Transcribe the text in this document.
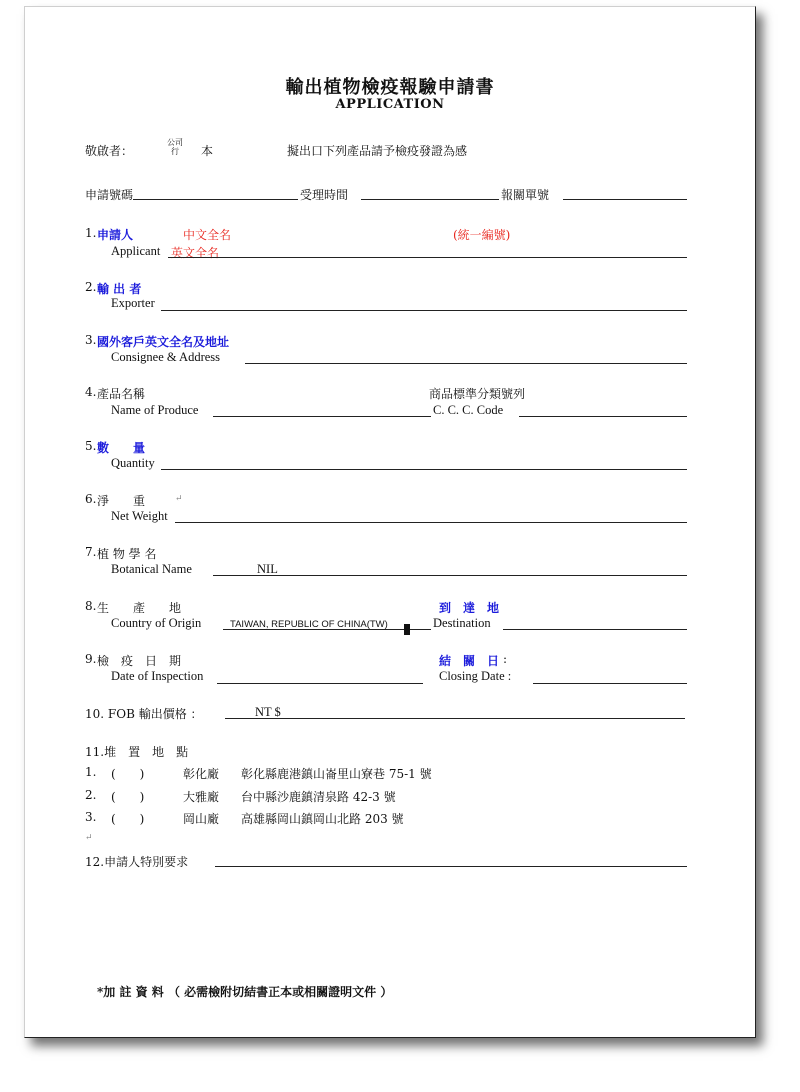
輸出植物檢疫報驗申請書
APPLICATION
敬啟者：
公司
行	本	擬出口下列產品請予檢疫發證為感
申請號碼	受理時間	報關單號
1. 申請人	中文全名	(統一編號)
Applicant 英文全名
2. 輸 出 者
Exporter
3. 國外客戶英文全名及地址
Consignee & Address
4. 產品名稱	商品標準分類號列
Name of Produce	C. C. C. Code
5. 數　　量
Quantity
6. 淨　　重	↵
Net Weight
7. 植 物 學 名
Botanical Name	NIL
8. 生　　產　　地	到　達　地
Country of Origin	TAIWAN, REPUBLIC OF CHINA(TW)	Destination
9. 檢　疫　日　期	結　關　日 :
Date of Inspection	Closing Date :
10. FOB 輸出價格 ：	NT $
11.堆　置　地　點
1. (　　)	彰化廠 彰化縣鹿港鎮山崙里山寮巷 75-1 號
2. (　　)	大雅廠 台中縣沙鹿鎮清泉路 42-3 號
3. (　　)	岡山廠 高雄縣岡山鎮岡山北路 203 號
↵
12.申請人特別要求
*加 註 資 料 （ 必需檢附切結書正本或相關證明文件 ）
